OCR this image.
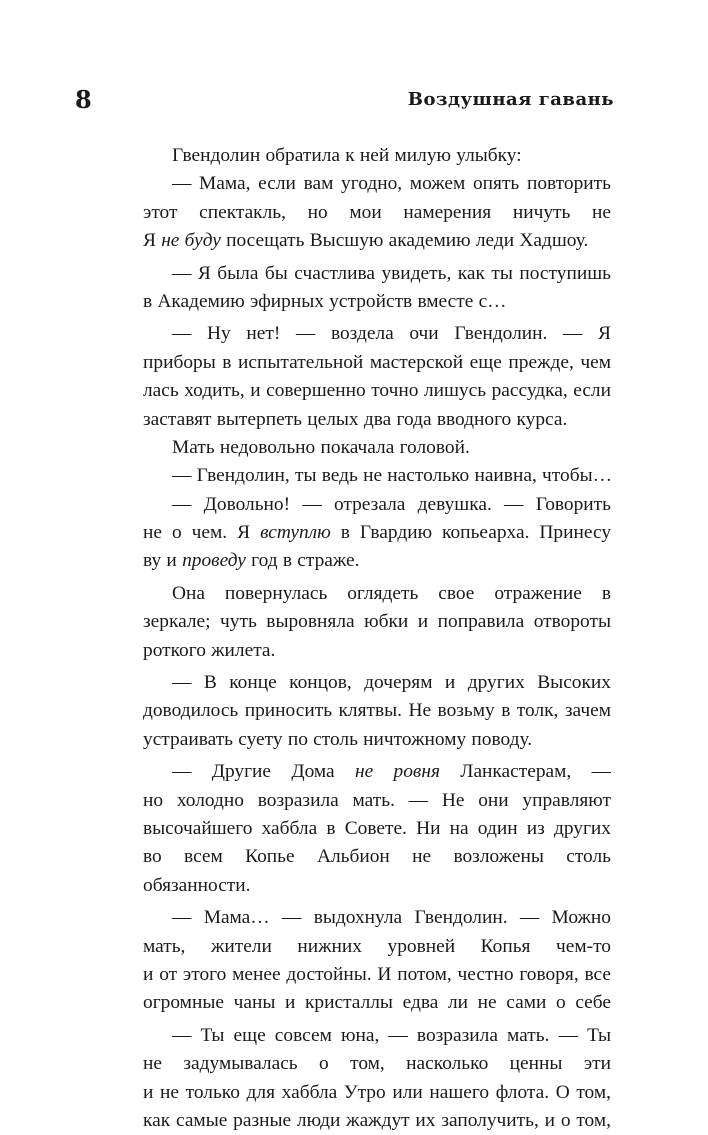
8	Воздушная гавань
Гвендолин обратила к ней милую улыбку:
— Мама, если вам угодно, можем опять повторить
этот спектакль, но мои намерения ничуть не
Я не буду посещать Высшую академию леди Хадшоу.
— Я была бы счастлива увидеть, как ты поступишь
в Академию эфирных устройств вместе с…
— Ну нет! — воздела очи Гвендолин. — Я
приборы в испытательной мастерской еще прежде, чем
лась ходить, и совершенно точно лишусь рассудка, если
заставят вытерпеть целых два года вводного курса.
Мать недовольно покачала головой.
— Гвендолин, ты ведь не настолько наивна, чтобы…
— Довольно! — отрезала девушка. — Говорить
не о чем. Я вступлю в Гвардию копьеарха. Принесу
ву и проведу год в страже.
Она повернулась оглядеть свое отражение в
зеркале; чуть выровняла юбки и поправила отвороты
роткого жилета.
— В конце концов, дочерям и других Высоких
доводилось приносить клятвы. Не возьму в толк, зачем
устраивать суету по столь ничтожному поводу.
— Другие Дома не ровня Ланкастерам, —
но холодно возразила мать. — Не они управляют
высочайшего хаббла в Совете. Ни на один из других
во всем Копье Альбион не возложены столь
обязанности.
— Мама… — выдохнула Гвендолин. — Можно
мать, жители нижних уровней Копья чем-то
и от этого менее достойны. И потом, честно говоря, все
огромные чаны и кристаллы едва ли не сами о себе
— Ты еще совсем юна, — возразила мать. — Ты
не задумывалась о том, насколько ценны эти
и не только для хаббла Утро или нашего флота. О том,
как самые разные люди жаждут их заполучить, и о том,
